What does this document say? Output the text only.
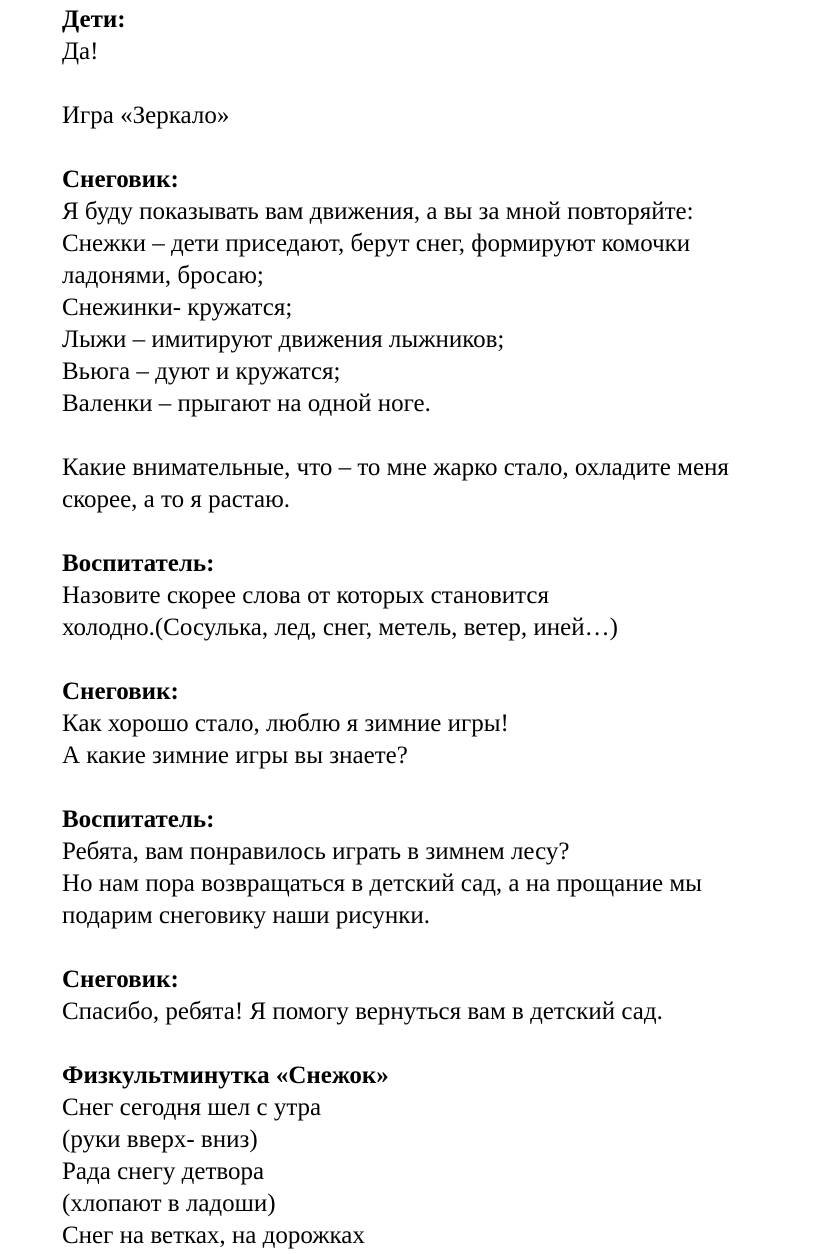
Дети:
Да!
Игра «Зеркало»
Снеговик:
Я буду показывать вам движения, а вы за мной повторяйте:
Снежки – дети приседают, берут снег, формируют комочки
ладонями, бросаю;
Снежинки- кружатся;
Лыжи – имитируют движения лыжников;
Вьюга – дуют и кружатся;
Валенки – прыгают на одной ноге.
Какие внимательные, что – то мне жарко стало, охладите меня
скорее, а то я растаю.
Воспитатель:
Назовите скорее слова от которых становится
холодно.(Сосулька, лед, снег, метель, ветер, иней…)
Снеговик:
Как хорошо стало, люблю я зимние игры!
А какие зимние игры вы знаете?
Воспитатель:
Ребята, вам понравилось играть в зимнем лесу?
Но нам пора возвращаться в детский сад, а на прощание мы
подарим снеговику наши рисунки.
Снеговик:
Спасибо, ребята! Я помогу вернуться вам в детский сад.
Физкультминутка «Снежок»
Снег сегодня шел с утра
(руки вверх- вниз)
Рада снегу детвора
(хлопают в ладоши)
Снег на ветках, на дорожках
